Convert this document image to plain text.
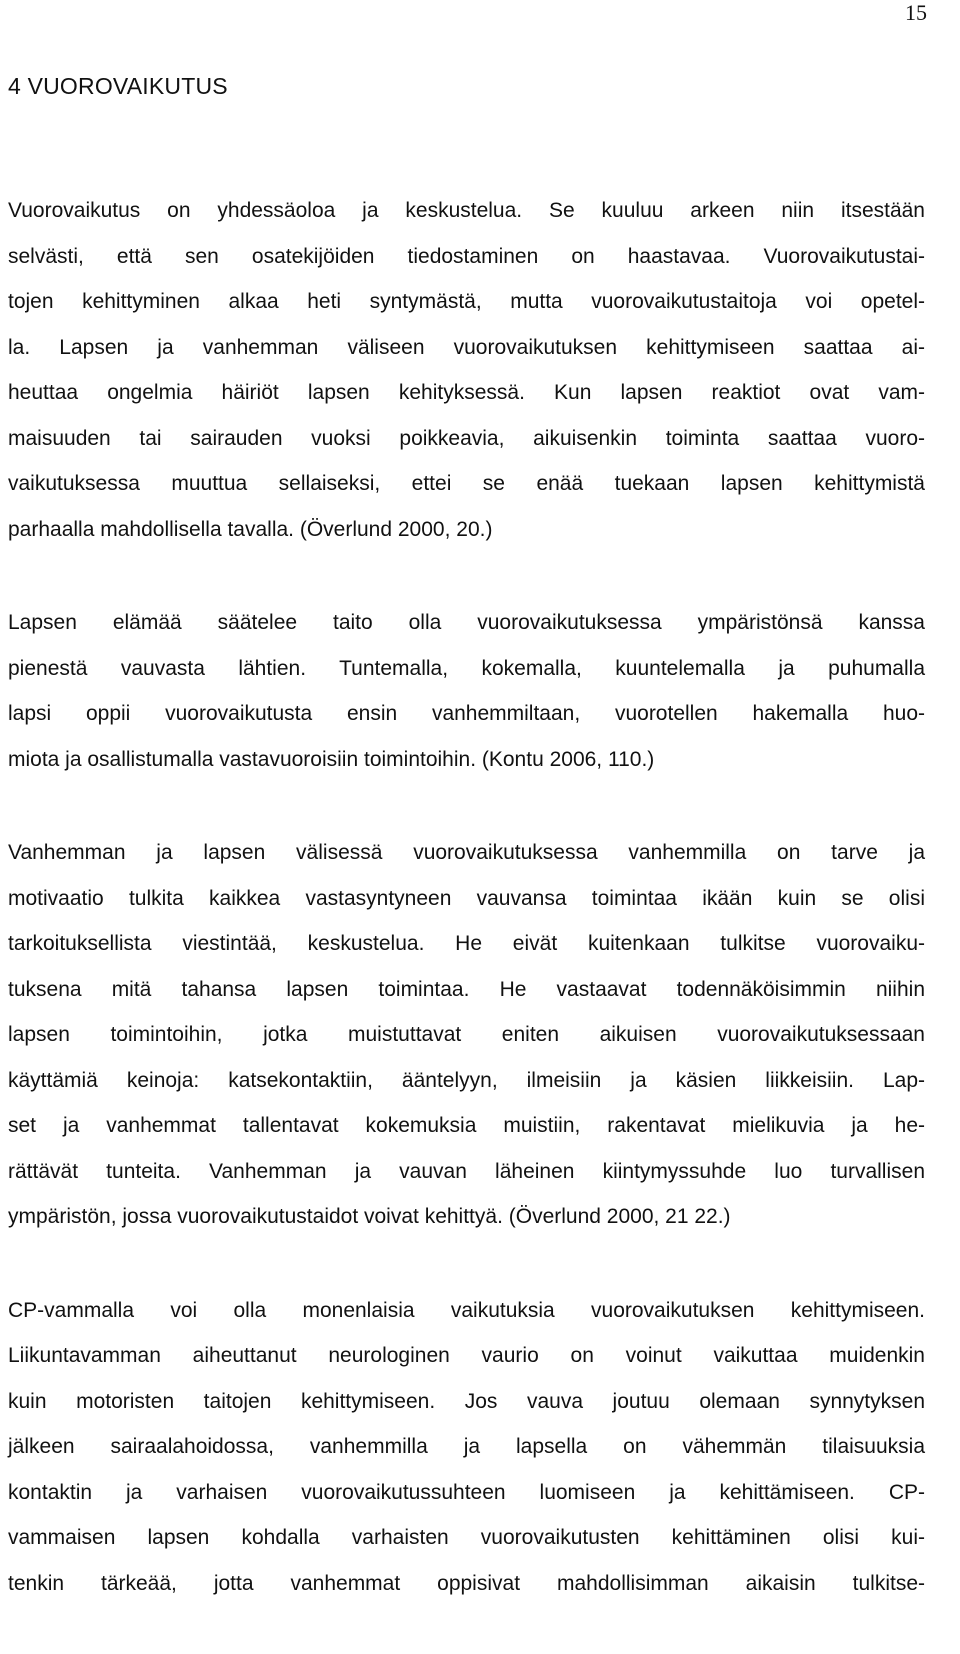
15
4 VUOROVAIKUTUS

Vuorovaikutus on yhdessäoloa ja keskustelua. Se kuuluu arkeen niin itsestään
selvästi, että sen osatekijöiden tiedostaminen on haastavaa. Vuorovaikutustai-
tojen kehittyminen alkaa heti syntymästä, mutta vuorovaikutustaitoja voi opetel-
la. Lapsen ja vanhemman väliseen vuorovaikutuksen kehittymiseen saattaa ai-
heuttaa ongelmia häiriöt lapsen kehityksessä. Kun lapsen reaktiot ovat vam-
maisuuden tai sairauden vuoksi poikkeavia, aikuisenkin toiminta saattaa vuoro-
vaikutuksessa muuttua sellaiseksi, ettei se enää tuekaan lapsen kehittymistä
parhaalla mahdollisella tavalla. (Överlund 2000, 20.)

Lapsen elämää säätelee taito olla vuorovaikutuksessa ympäristönsä kanssa
pienestä vauvasta lähtien. Tuntemalla, kokemalla, kuuntelemalla ja puhumalla
lapsi oppii vuorovaikutusta ensin vanhemmiltaan, vuorotellen hakemalla huo-
miota ja osallistumalla vastavuoroisiin toimintoihin. (Kontu 2006, 110.)

Vanhemman ja lapsen välisessä vuorovaikutuksessa vanhemmilla on tarve ja
motivaatio tulkita kaikkea vastasyntyneen vauvansa toimintaa ikään kuin se olisi
tarkoituksellista viestintää, keskustelua. He eivät kuitenkaan tulkitse vuorovaiku-
tuksena mitä tahansa lapsen toimintaa. He vastaavat todennäköisimmin niihin
lapsen toimintoihin, jotka muistuttavat eniten aikuisen vuorovaikutuksessaan
käyttämiä keinoja: katsekontaktiin, ääntelyyn, ilmeisiin ja käsien liikkeisiin. Lap-
set ja vanhemmat tallentavat kokemuksia muistiin, rakentavat mielikuvia ja he-
rättävät tunteita. Vanhemman ja vauvan läheinen kiintymyssuhde luo turvallisen
ympäristön, jossa vuorovaikutustaidot voivat kehittyä. (Överlund 2000, 21 22.)

CP-vammalla voi olla monenlaisia vaikutuksia vuorovaikutuksen kehittymiseen.
Liikuntavamman aiheuttanut neurologinen vaurio on voinut vaikuttaa muidenkin
kuin motoristen taitojen kehittymiseen. Jos vauva joutuu olemaan synnytyksen
jälkeen sairaalahoidossa, vanhemmilla ja lapsella on vähemmän tilaisuuksia
kontaktin ja varhaisen vuorovaikutussuhteen luomiseen ja kehittämiseen. CP-
vammaisen lapsen kohdalla varhaisten vuorovaikutusten kehittäminen olisi kui-
tenkin tärkeää, jotta vanhemmat oppisivat mahdollisimman aikaisin tulkitse-
